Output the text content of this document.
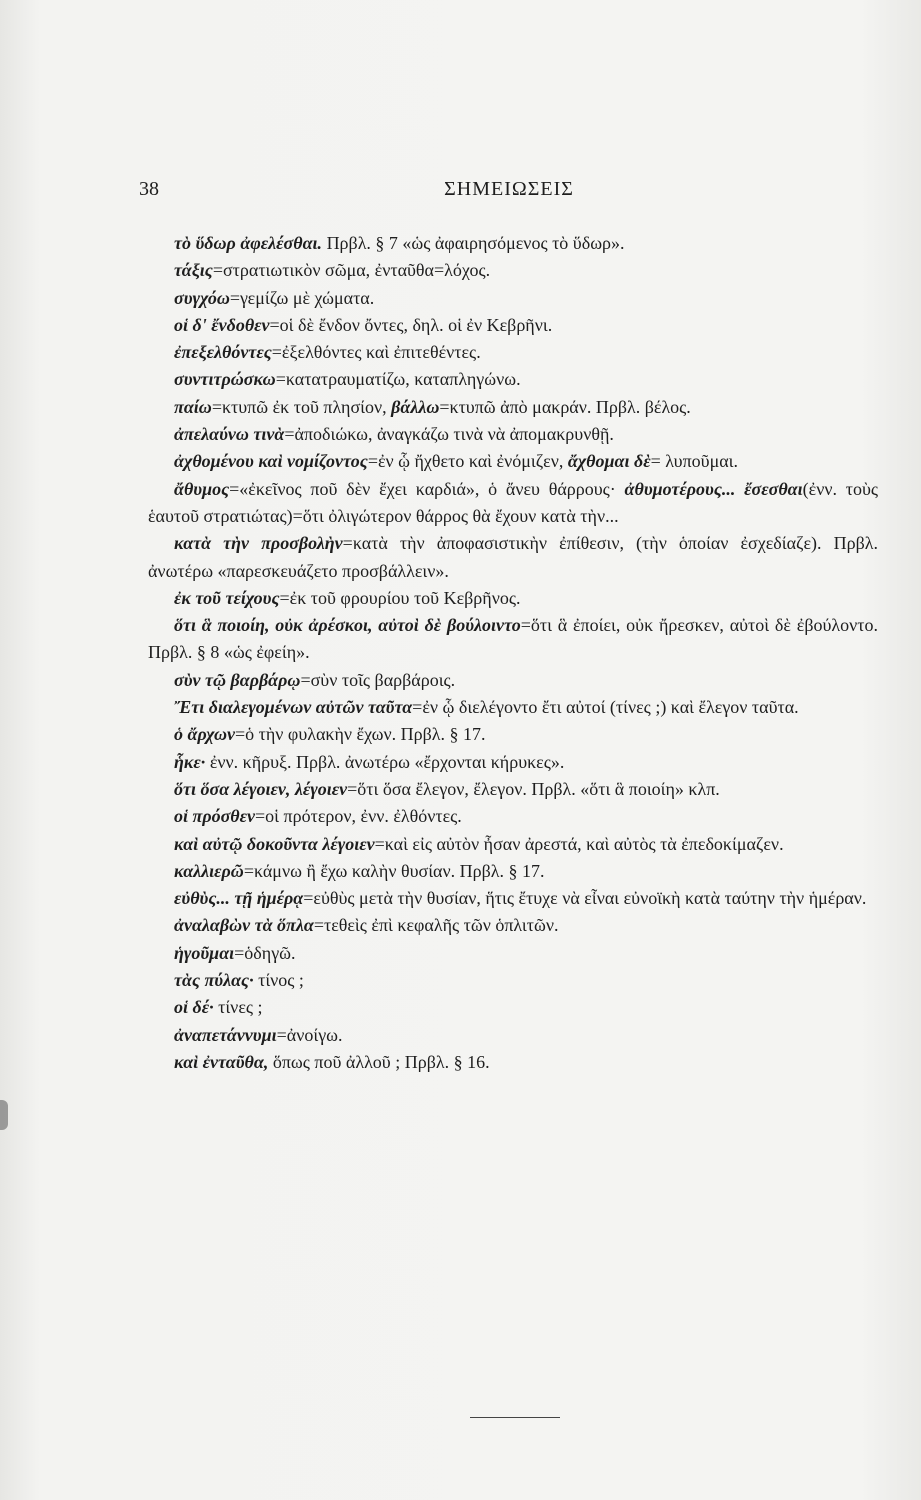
38	ΣΗΜΕΙΩΣΕΙΣ

τὸ ὕδωρ ἀφελέσθαι. Πρβλ. § 7 «ὡς ἀφαιρησόμενος τὸ ὕδωρ».

τάξις=στρατιωτικὸν σῶμα, ἐνταῦθα=λόχος.

συγχόω=γεμίζω μὲ χώματα.

οἱ δ' ἔνδοθεν=οἱ δὲ ἔνδον ὄντες, δηλ. οἱ ἐν Κεβρῆνι.

ἐπεξελθόντες=ἐξελθόντες καὶ ἐπιτεθέντες.

συντιτρώσκω=κατατραυματίζω, καταπληγώνω.

παίω=κτυπῶ ἐκ τοῦ πλησίον, βάλλω=κτυπῶ ἀπὸ μακράν. Πρβλ. βέλος.

ἀπελαύνω τινὰ=ἀποδιώκω, ἀναγκάζω τινὰ νὰ ἀπομακρυνθῇ.

ἀχθομένου καὶ νομίζοντος=ἐν ᾧ ἤχθετο καὶ ἐνόμιζεν, ἄχθομαι δὲ= λυποῦμαι.

ἄθυμος=«ἐκεῖνος ποῦ δὲν ἔχει καρδιά», ὁ ἄνευ θάρρους· ἀθυμοτέρους... ἔσεσθαι(ἐνν. τοὺς ἑαυτοῦ στρατιώτας)=ὅτι ὀλιγώτερον θάρρος θὰ ἔχουν κατὰ τὴν...

κατὰ τὴν προσβολὴν=κατὰ τὴν ἀποφασιστικὴν ἐπίθεσιν, (τὴν ὁποίαν ἐσχεδίαζε). Πρβλ. ἀνωτέρω «παρεσκευάζετο προσβάλλειν».

ἐκ τοῦ τείχους=ἐκ τοῦ φρουρίου τοῦ Κεβρῆνος.

ὅτι ἃ ποιοίη, οὐκ ἀρέσκοι, αὐτοὶ δὲ βούλοιντο=ὅτι ἃ ἐποίει, οὐκ ἤρεσκεν, αὐτοὶ δὲ ἐβούλοντο. Πρβλ. § 8 «ὡς ἐφείη».

σὺν τῷ βαρβάρῳ=σὺν τοῖς βαρβάροις.

Ἔτι διαλεγομένων αὐτῶν ταῦτα=ἐν ᾧ διελέγοντο ἔτι αὐτοί (τίνες ;) καὶ ἔλεγον ταῦτα.

ὁ ἄρχων=ὁ τὴν φυλακὴν ἔχων. Πρβλ. § 17.

ἧκε· ἐνν. κῆρυξ. Πρβλ. ἀνωτέρω «ἔρχονται κήρυκες».

ὅτι ὅσα λέγοιεν, λέγοιεν=ὅτι ὅσα ἔλεγον, ἔλεγον. Πρβλ. «ὅτι ἃ ποιοίη» κλπ.

οἱ πρόσθεν=οἱ πρότερον, ἐνν. ἐλθόντες.

καὶ αὐτῷ δοκοῦντα λέγοιεν=καὶ εἰς αὐτὸν ἦσαν ἀρεστά, καὶ αὐτὸς τὰ ἐπεδοκίμαζεν.

καλλιερῶ=κάμνω ἢ ἔχω καλὴν θυσίαν. Πρβλ. § 17.

εὐθὺς... τῇ ἡμέρᾳ=εὐθὺς μετὰ τὴν θυσίαν, ἥτις ἔτυχε νὰ εἶναι εὐνοϊκὴ κατὰ ταύτην τὴν ἡμέραν.

ἀναλαβὼν τὰ ὅπλα=τεθεὶς ἐπὶ κεφαλῆς τῶν ὁπλιτῶν.

ἡγοῦμαι=ὁδηγῶ.

τὰς πύλας· τίνος ;

οἱ δέ· τίνες ;

ἀναπετάννυμι=ἀνοίγω.

καὶ ἐνταῦθα, ὅπως ποῦ ἀλλοῦ ; Πρβλ. § 16.
